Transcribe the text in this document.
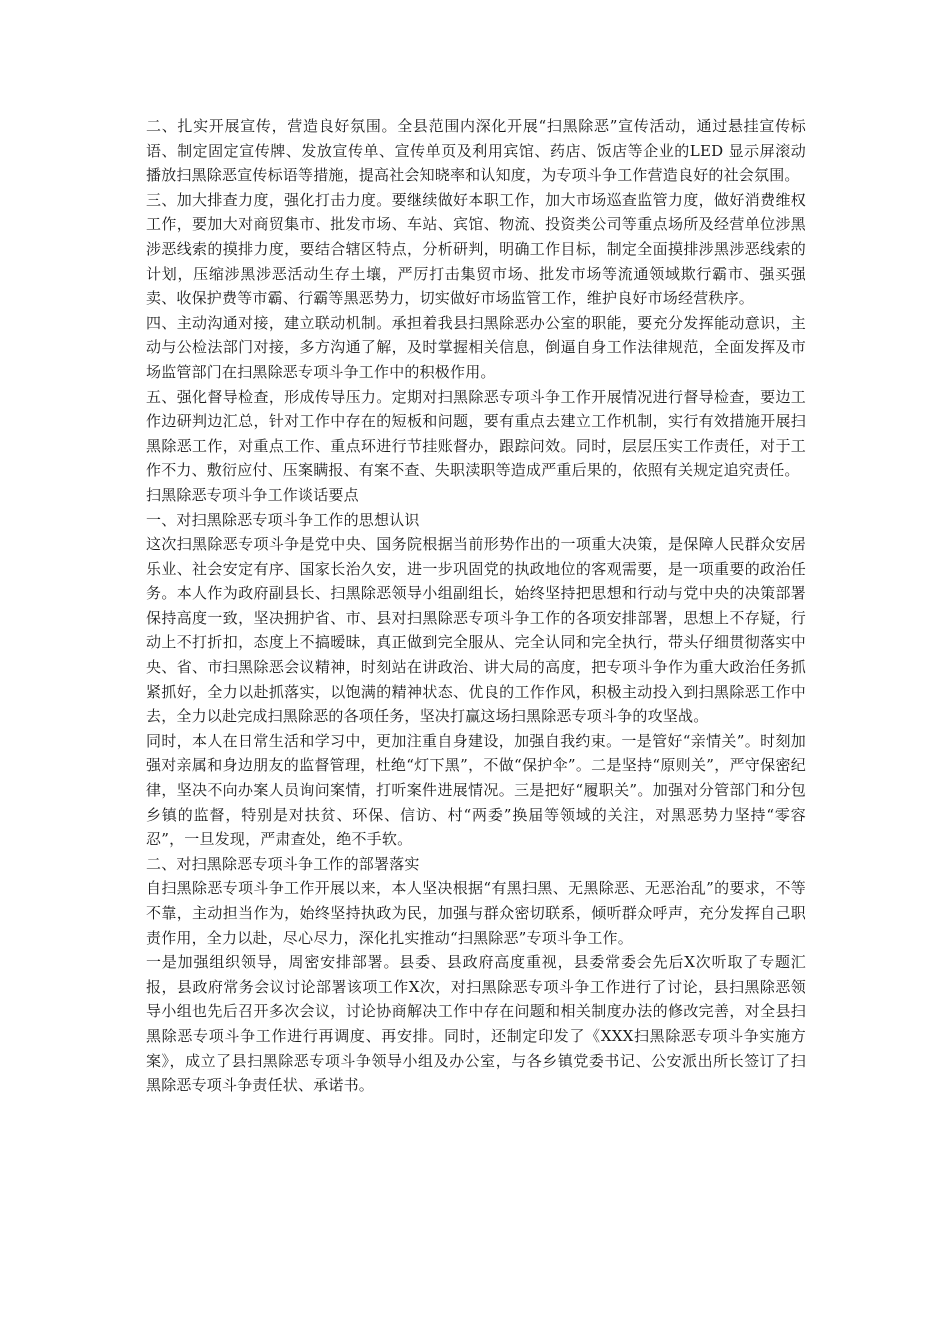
二、扎实开展宣传，营造良好氛围。全县范围内深化开展“扫黑除恶”宣传活动，通过悬挂宣传标语、制定固定宣传牌、发放宣传单、宣传单页及利用宾馆、药店、饭店等企业的LED 显示屏滚动播放扫黑除恶宣传标语等措施，提高社会知晓率和认知度，为专项斗争工作营造良好的社会氛围。

三、加大排查力度，强化打击力度。要继续做好本职工作，加大市场巡查监管力度，做好消费维权工作，要加大对商贸集市、批发市场、车站、宾馆、物流、投资类公司等重点场所及经营单位涉黑涉恶线索的摸排力度，要结合辖区特点，分析研判，明确工作目标，制定全面摸排涉黑涉恶线索的计划，压缩涉黑涉恶活动生存土壤，严厉打击集贸市场、批发市场等流通领域欺行霸市、强买强卖、收保护费等市霸、行霸等黑恶势力，切实做好市场监管工作，维护良好市场经营秩序。

四、主动沟通对接，建立联动机制。承担着我县扫黑除恶办公室的职能，要充分发挥能动意识，主动与公检法部门对接，多方沟通了解，及时掌握相关信息，倒逼自身工作法律规范，全面发挥及市场监管部门在扫黑除恶专项斗争工作中的积极作用。

五、强化督导检查，形成传导压力。定期对扫黑除恶专项斗争工作开展情况进行督导检查，要边工作边研判边汇总，针对工作中存在的短板和问题，要有重点去建立工作机制，实行有效措施开展扫黑除恶工作，对重点工作、重点环进行节挂账督办，跟踪问效。同时，层层压实工作责任，对于工作不力、敷衍应付、压案瞒报、有案不查、失职渎职等造成严重后果的，依照有关规定追究责任。

扫黑除恶专项斗争工作谈话要点

一、对扫黑除恶专项斗争工作的思想认识

这次扫黑除恶专项斗争是党中央、国务院根据当前形势作出的一项重大决策，是保障人民群众安居乐业、社会安定有序、国家长治久安，进一步巩固党的执政地位的客观需要，是一项重要的政治任务。本人作为政府副县长、扫黑除恶领导小组副组长，始终坚持把思想和行动与党中央的决策部署保持高度一致，坚决拥护省、市、县对扫黑除恶专项斗争工作的各项安排部署，思想上不存疑，行动上不打折扣，态度上不搞暧昧，真正做到完全服从、完全认同和完全执行，带头仔细贯彻落实中央、省、市扫黑除恶会议精神，时刻站在讲政治、讲大局的高度，把专项斗争作为重大政治任务抓紧抓好，全力以赴抓落实，以饱满的精神状态、优良的工作作风，积极主动投入到扫黑除恶工作中去，全力以赴完成扫黑除恶的各项任务，坚决打赢这场扫黑除恶专项斗争的攻坚战。

同时，本人在日常生活和学习中，更加注重自身建设，加强自我约束。一是管好“亲情关”。时刻加强对亲属和身边朋友的监督管理，杜绝“灯下黑”，不做“保护伞”。二是坚持“原则关”，严守保密纪律，坚决不向办案人员询问案情，打听案件进展情况。三是把好“履职关”。加强对分管部门和分包乡镇的监督，特别是对扶贫、环保、信访、村“两委”换届等领域的关注，对黑恶势力坚持“零容忍”，一旦发现，严肃查处，绝不手软。

二、对扫黑除恶专项斗争工作的部署落实

自扫黑除恶专项斗争工作开展以来，本人坚决根据“有黑扫黑、无黑除恶、无恶治乱”的要求，不等不靠，主动担当作为，始终坚持执政为民，加强与群众密切联系，倾听群众呼声，充分发挥自己职责作用，全力以赴，尽心尽力，深化扎实推动“扫黑除恶”专项斗争工作。

一是加强组织领导，周密安排部署。县委、县政府高度重视，县委常委会先后X次听取了专题汇报，县政府常务会议讨论部署该项工作X次，对扫黑除恶专项斗争工作进行了讨论，县扫黑除恶领导小组也先后召开多次会议，讨论协商解决工作中存在问题和相关制度办法的修改完善，对全县扫黑除恶专项斗争工作进行再调度、再安排。同时，还制定印发了《XXX扫黑除恶专项斗争实施方案》，成立了县扫黑除恶专项斗争领导小组及办公室，与各乡镇党委书记、公安派出所长签订了扫黑除恶专项斗争责任状、承诺书。
